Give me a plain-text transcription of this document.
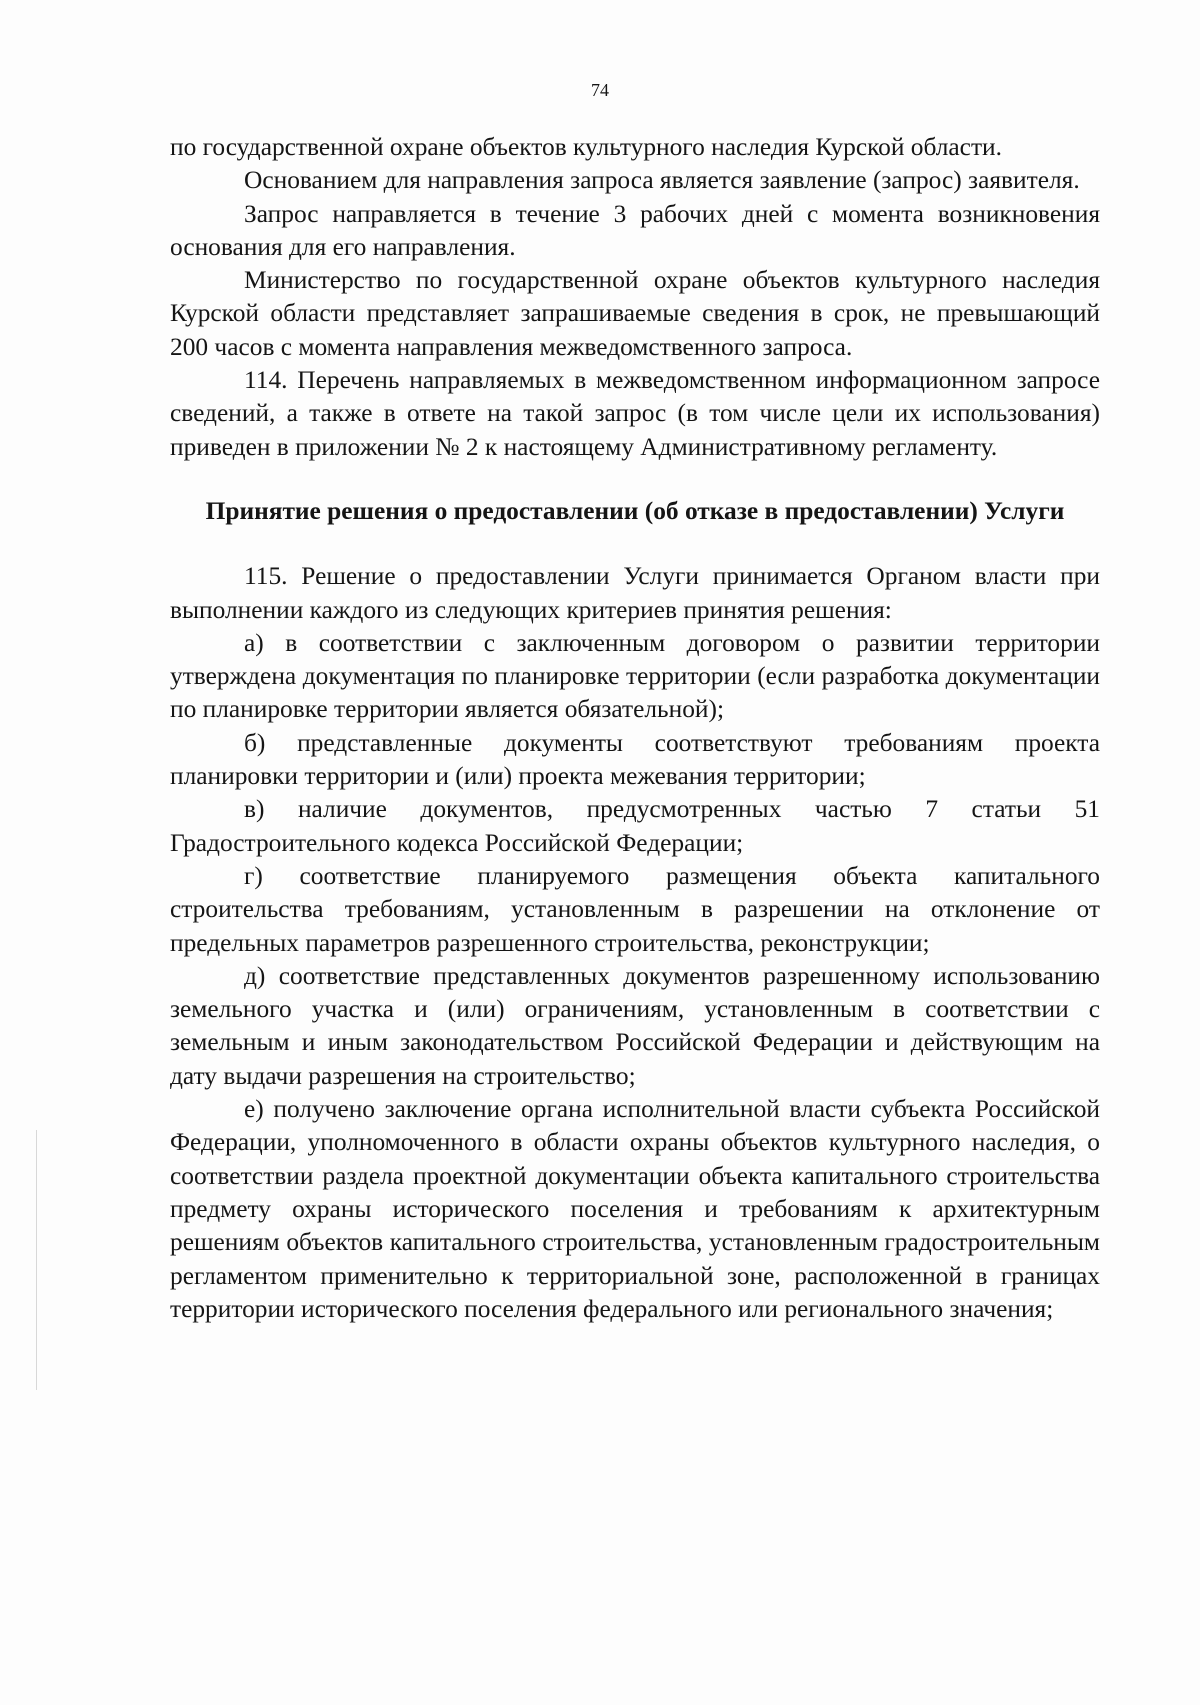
74

по государственной охране объектов культурного наследия Курской области.

Основанием для направления запроса является заявление (запрос) заявителя.

Запрос направляется в течение 3 рабочих дней с момента возникновения основания для его направления.

Министерство по государственной охране объектов культурного наследия Курской области представляет запрашиваемые сведения в срок, не превышающий 200 часов с момента направления межведомственного запроса.

114. Перечень направляемых в межведомственном информационном запросе сведений, а также в ответе на такой запрос (в том числе цели их использования) приведен в приложении № 2 к настоящему Административному регламенту.

Принятие решения о предоставлении (об отказе в предоставлении) Услуги

115. Решение о предоставлении Услуги принимается Органом власти при выполнении каждого из следующих критериев принятия решения:

а) в соответствии с заключенным договором о развитии территории утверждена документация по планировке территории (если разработка документации по планировке территории является обязательной);

б) представленные документы соответствуют требованиям проекта планировки территории и (или) проекта межевания территории;

в) наличие документов, предусмотренных частью 7 статьи 51 Градостроительного кодекса Российской Федерации;

г) соответствие планируемого размещения объекта капитального строительства требованиям, установленным в разрешении на отклонение от предельных параметров разрешенного строительства, реконструкции;

д) соответствие представленных документов разрешенному использованию земельного участка и (или) ограничениям, установленным в соответствии с земельным и иным законодательством Российской Федерации и действующим на дату выдачи разрешения на строительство;

е) получено заключение органа исполнительной власти субъекта Российской Федерации, уполномоченного в области охраны объектов культурного наследия, о соответствии раздела проектной документации объекта капитального строительства предмету охраны исторического поселения и требованиям к архитектурным решениям объектов капитального строительства, установленным градостроительным регламентом применительно к территориальной зоне, расположенной в границах территории исторического поселения федерального или регионального значения;
